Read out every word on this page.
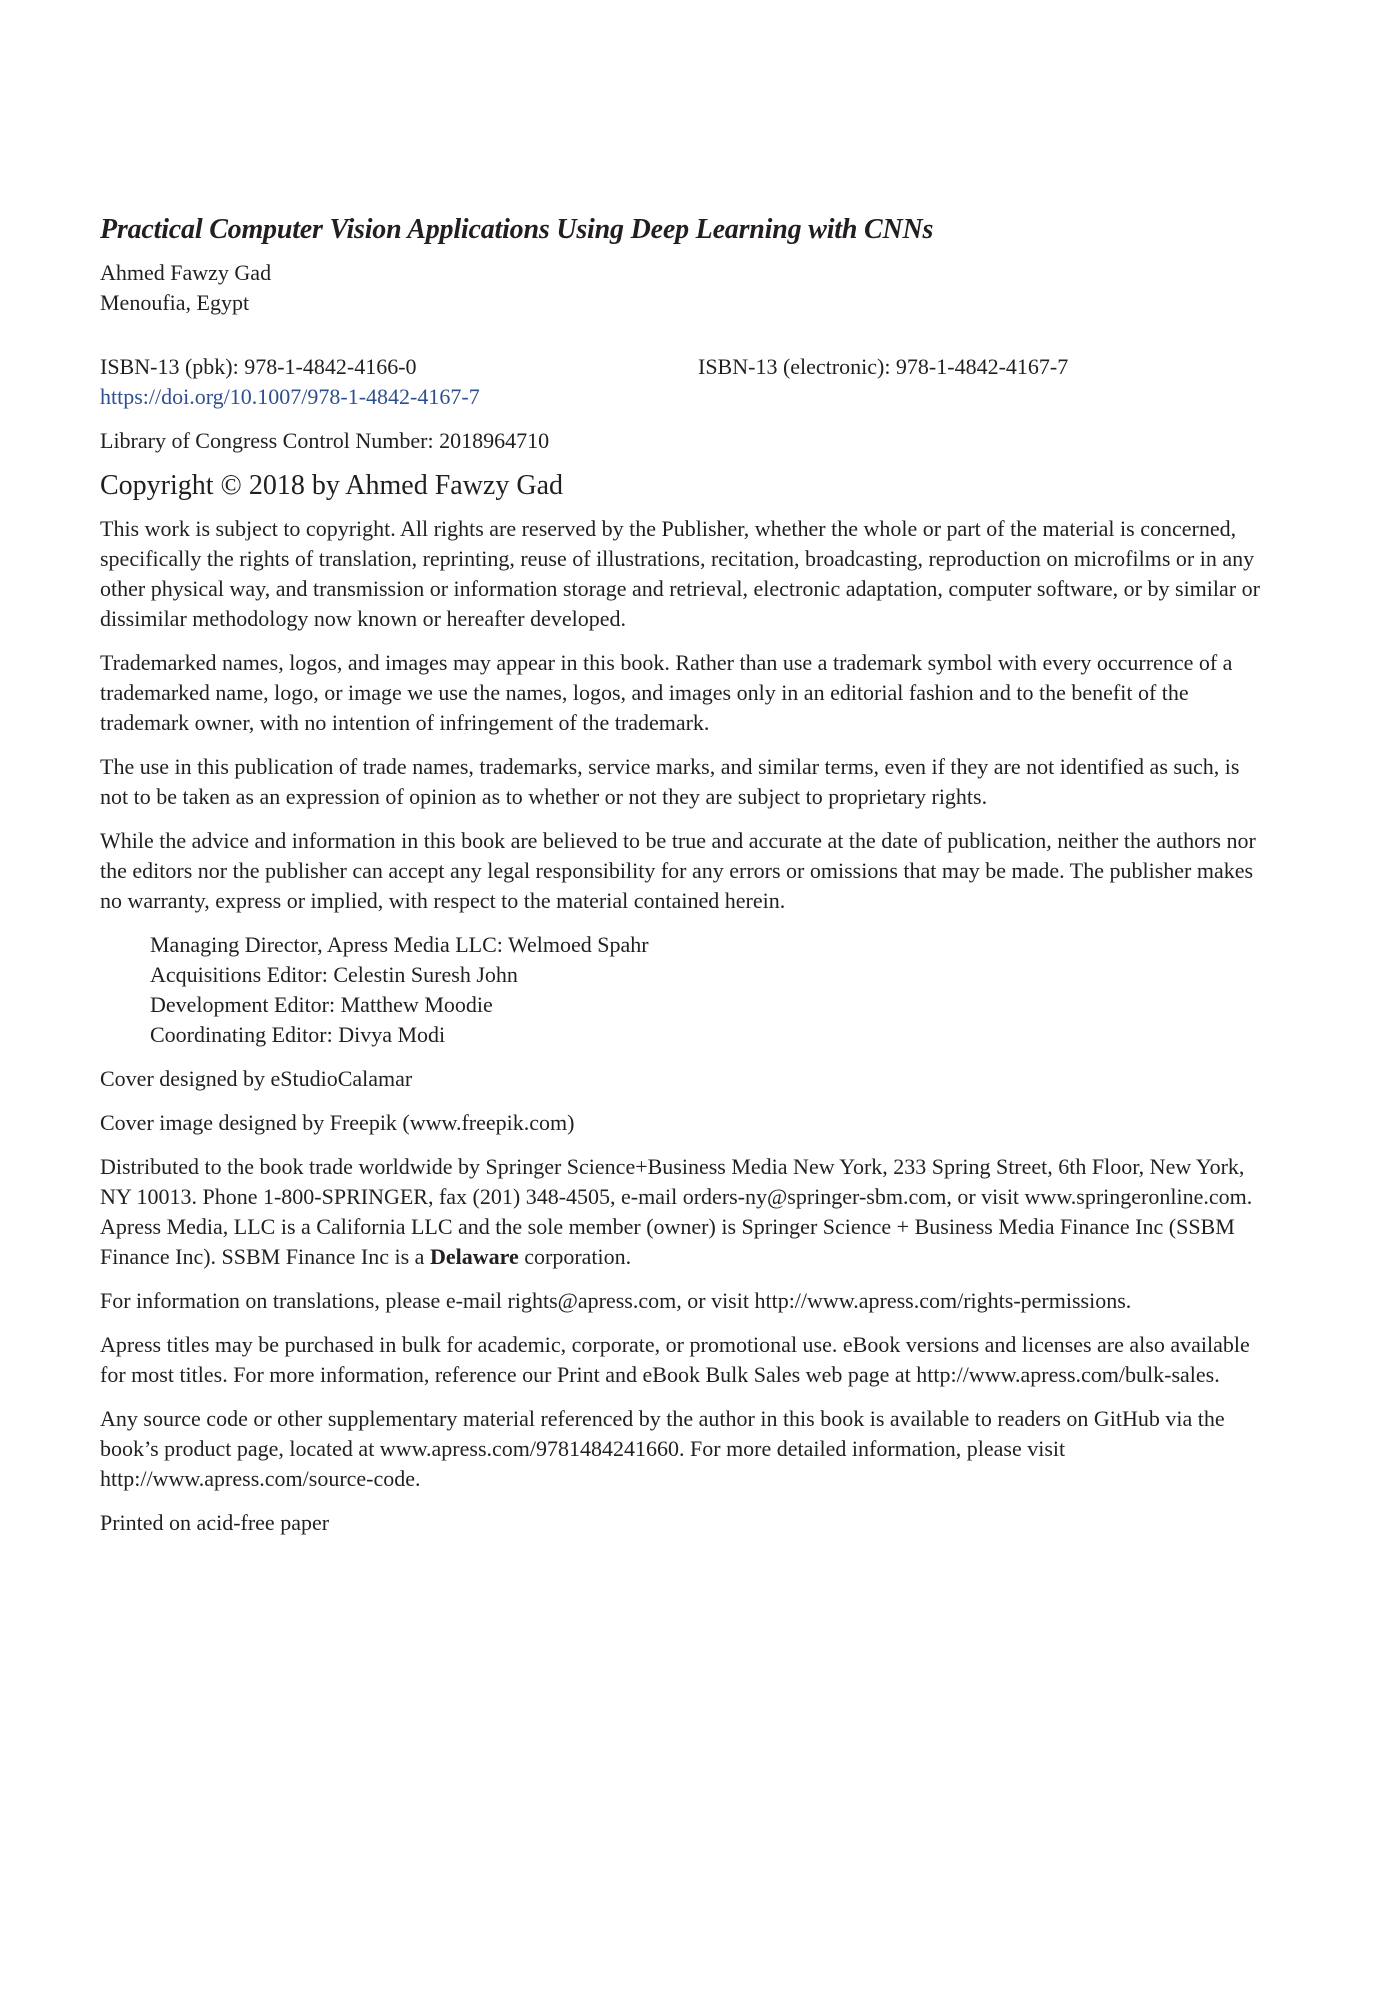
Practical Computer Vision Applications Using Deep Learning with CNNs
Ahmed Fawzy Gad
Menoufia, Egypt
ISBN-13 (pbk): 978-1-4842-4166-0	ISBN-13 (electronic): 978-1-4842-4167-7
https://doi.org/10.1007/978-1-4842-4167-7
Library of Congress Control Number: 2018964710
Copyright © 2018 by Ahmed Fawzy Gad

This work is subject to copyright. All rights are reserved by the Publisher, whether the whole or part of the material is concerned, specifically the rights of translation, reprinting, reuse of illustrations, recitation, broadcasting, reproduction on microfilms or in any other physical way, and transmission or information storage and retrieval, electronic adaptation, computer software, or by similar or dissimilar methodology now known or hereafter developed.

Trademarked names, logos, and images may appear in this book. Rather than use a trademark symbol with every occurrence of a trademarked name, logo, or image we use the names, logos, and images only in an editorial fashion and to the benefit of the trademark owner, with no intention of infringement of the trademark.

The use in this publication of trade names, trademarks, service marks, and similar terms, even if they are not identified as such, is not to be taken as an expression of opinion as to whether or not they are subject to proprietary rights.

While the advice and information in this book are believed to be true and accurate at the date of publication, neither the authors nor the editors nor the publisher can accept any legal responsibility for any errors or omissions that may be made. The publisher makes no warranty, express or implied, with respect to the material contained herein.

Managing Director, Apress Media LLC: Welmoed Spahr
Acquisitions Editor: Celestin Suresh John
Development Editor: Matthew Moodie
Coordinating Editor: Divya Modi

Cover designed by eStudioCalamar

Cover image designed by Freepik (www.freepik.com)

Distributed to the book trade worldwide by Springer Science+Business Media New York, 233 Spring Street, 6th Floor, New York, NY 10013. Phone 1-800-SPRINGER, fax (201) 348-4505, e-mail orders-ny@springer-sbm.com, or visit www.springeronline.com. Apress Media, LLC is a California LLC and the sole member (owner) is Springer Science + Business Media Finance Inc (SSBM Finance Inc). SSBM Finance Inc is a Delaware corporation.

For information on translations, please e-mail rights@apress.com, or visit http://www.apress.com/rights-permissions.

Apress titles may be purchased in bulk for academic, corporate, or promotional use. eBook versions and licenses are also available for most titles. For more information, reference our Print and eBook Bulk Sales web page at http://www.apress.com/bulk-sales.

Any source code or other supplementary material referenced by the author in this book is available to readers on GitHub via the book’s product page, located at www.apress.com/9781484241660. For more detailed information, please visit http://www.apress.com/source-code.

Printed on acid-free paper
